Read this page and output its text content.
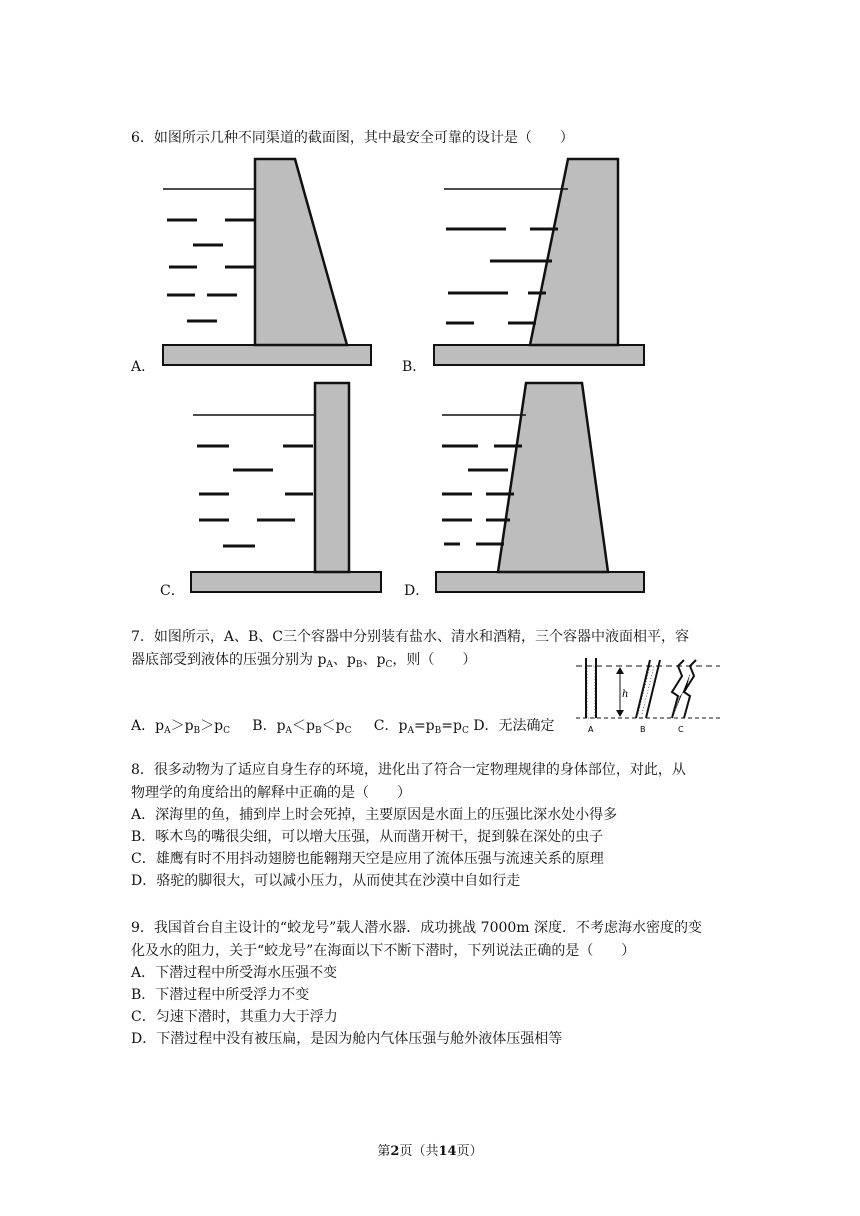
6．如图所示几种不同渠道的截面图，其中最安全可靠的设计是（　　）
A．	B．
C．	D．
7．如图所示，A、B、C三个容器中分别装有盐水、清水和酒精，三个容器中液面相平，容
器底部受到液体的压强分别为 $p_A$、$p_B$、$p_C$，则（　　）
A．$p_A>p_B>p_C$ B．$p_A<p_B<p_C$ C．$p_A=p_B=p_C$ D．无法确定
h
A	B	C
8．很多动物为了适应自身生存的环境，进化出了符合一定物理规律的身体部位，对此，从
物理学的角度给出的解释中正确的是（　　）
A．深海里的鱼，捕到岸上时会死掉，主要原因是水面上的压强比深水处小得多
B．啄木鸟的嘴很尖细，可以增大压强，从而凿开树干，捉到躲在深处的虫子
C．雄鹰有时不用抖动翅膀也能翱翔天空是应用了流体压强与流速关系的原理
D．骆驼的脚很大，可以减小压力，从而使其在沙漠中自如行走
9．我国首台自主设计的“蛟龙号”载人潜水器．成功挑战 7000m 深度．不考虑海水密度的变
化及水的阻力，关于“蛟龙号”在海面以下不断下潜时，下列说法正确的是（　　）
A．下潜过程中所受海水压强不变
B．下潜过程中所受浮力不变
C．匀速下潜时，其重力大于浮力
D．下潜过程中没有被压扁，是因为舱内气体压强与舱外液体压强相等
第2页（共14页）
